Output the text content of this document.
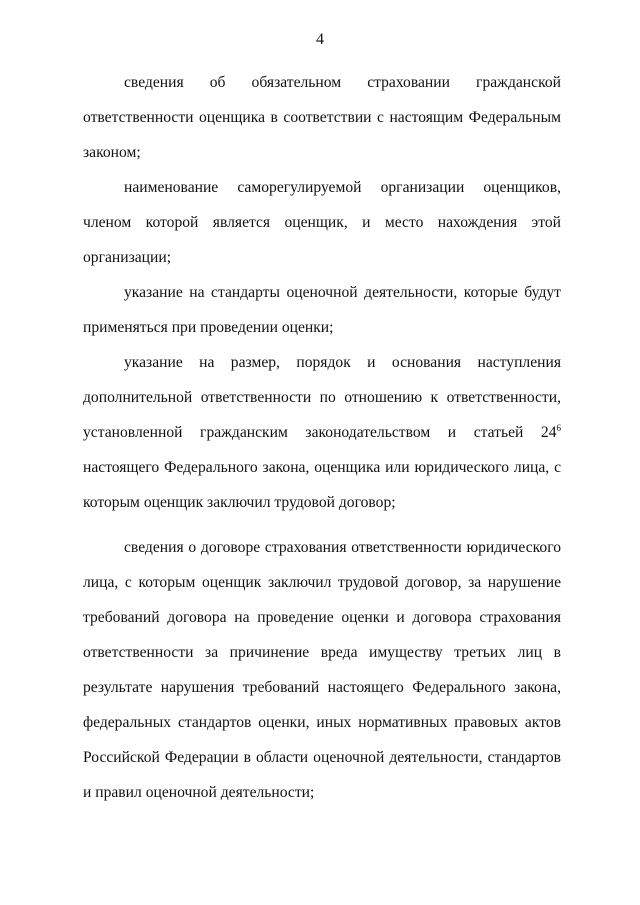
4

сведения об обязательном страховании гражданской ответственности оценщика в соответствии с настоящим Федеральным законом;

наименование саморегулируемой организации оценщиков, членом которой является оценщик, и место нахождения этой организации;

указание на стандарты оценочной деятельности, которые будут применяться при проведении оценки;

указание на размер, порядок и основания наступления дополнительной ответственности по отношению к ответственности, установленной гражданским законодательством и статьей $24^6$ настоящего Федерального закона, оценщика или юридического лица, с которым оценщик заключил трудовой договор;

сведения о договоре страхования ответственности юридического лица, с которым оценщик заключил трудовой договор, за нарушение требований договора на проведение оценки и договора страхования ответственности за причинение вреда имуществу третьих лиц в результате нарушения требований настоящего Федерального закона, федеральных стандартов оценки, иных нормативных правовых актов Российской Федерации в области оценочной деятельности, стандартов и правил оценочной деятельности;
